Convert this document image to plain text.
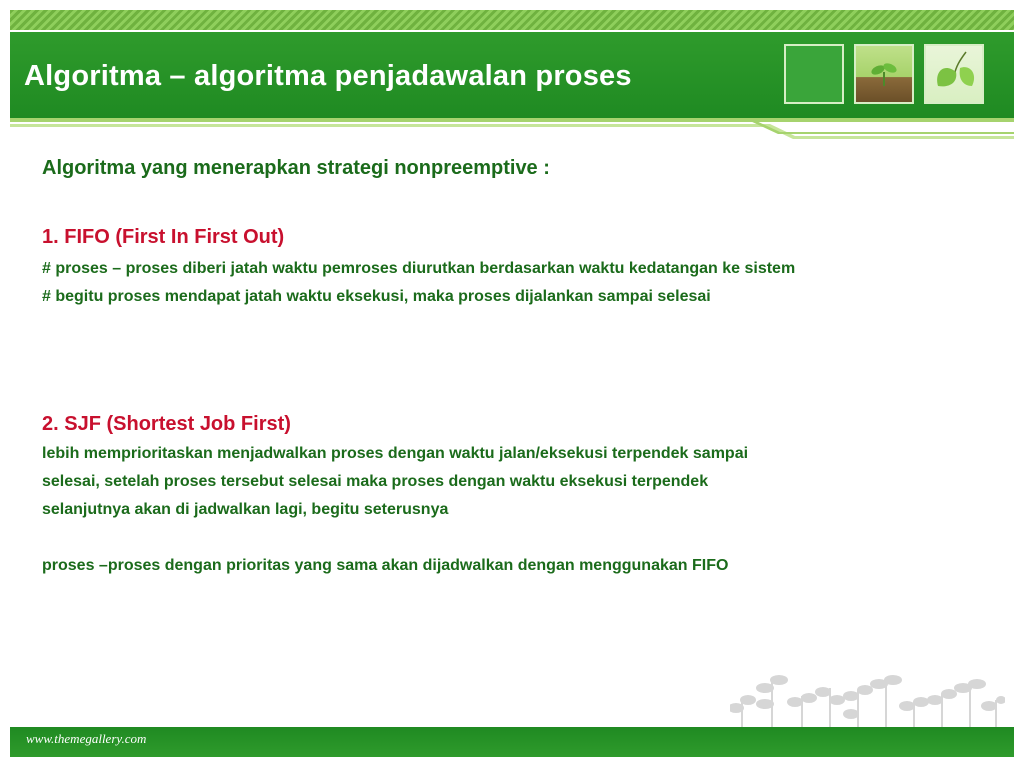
Algoritma – algoritma penjadawalan proses

Algoritma yang menerapkan strategi nonpreemptive :

1. FIFO (First In First Out)

# proses – proses diberi jatah waktu pemroses diurutkan berdasarkan waktu kedatangan ke sistem

# begitu proses mendapat jatah waktu eksekusi, maka proses dijalankan sampai selesai

2. SJF (Shortest Job First)

lebih memprioritaskan menjadwalkan proses dengan waktu jalan/eksekusi terpendek sampai

selesai, setelah proses tersebut selesai maka proses dengan waktu eksekusi terpendek

selanjutnya akan di jadwalkan lagi, begitu seterusnya

proses –proses dengan prioritas yang sama akan dijadwalkan dengan menggunakan FIFO

www.themegallery.com
